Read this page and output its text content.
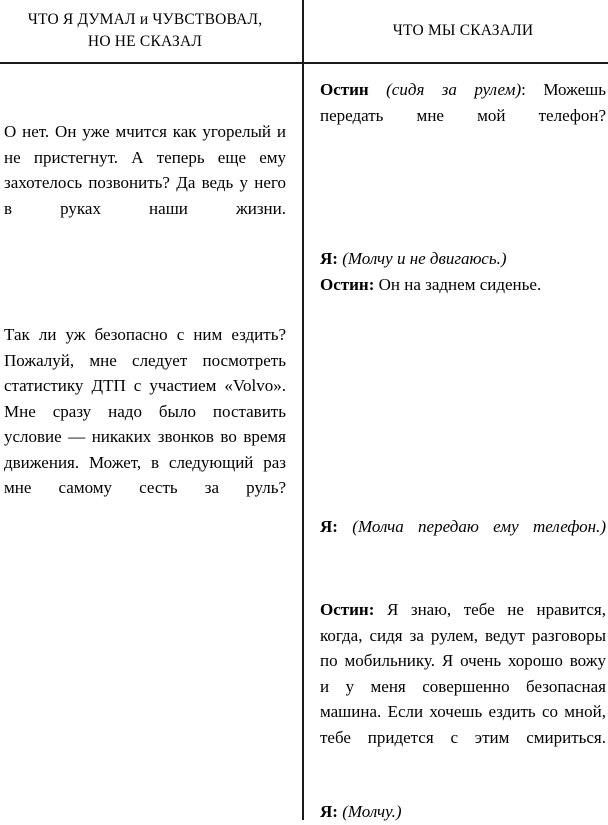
ЧТО Я ДУМАЛ и ЧУВСТВОВАЛ,
НО НЕ СКАЗАЛ
ЧТО МЫ СКАЗАЛИ

О нет. Он уже мчится как угорелый и не пристегнут. А теперь еще ему захотелось позвонить? Да ведь у него в руках наши жизни.

Так ли уж безопасно с ним ездить? Пожалуй, мне следует посмотреть статистику ДТП с участием «Volvo». Мне сразу надо было поставить условие — никаких звонков во время движения. Может, в следующий раз мне самому сесть за руль?

Остин (сидя за рулем): Можешь передать мне мой телефон?

Я: (Молчу и не двигаюсь.)

Остин: Он на заднем сиденье.

Я: (Молча передаю ему телефон.)

Остин: Я знаю, тебе не нравится, когда, сидя за рулем, ведут разговоры по мобильнику. Я очень хорошо вожу и у меня совершенно безопасная машина. Если хочешь ездить со мной, тебе придется с этим смириться.

Я: (Молчу.)
